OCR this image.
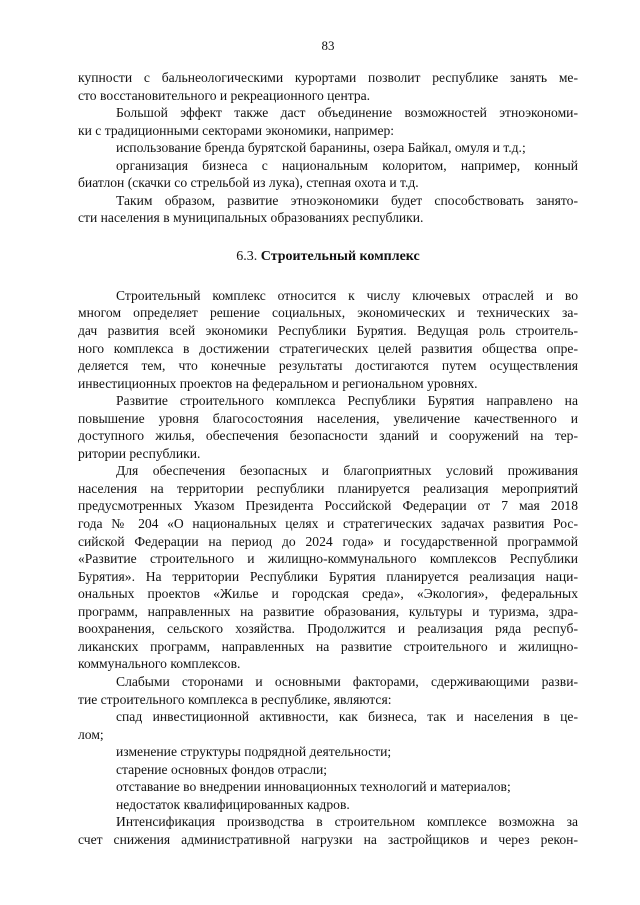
83

купности с бальнеологическими курортами позволит республике занять ме-
сто восстановительного и рекреационного центра.

Большой эффект также даст объединение возможностей этноэкономи-
ки с традиционными секторами экономики, например:

использование бренда бурятской баранины, озера Байкал, омуля и т.д.;

организация бизнеса с национальным колоритом, например, конный
биатлон (скачки со стрельбой из лука), степная охота и т.д.

Таким образом, развитие этноэкономики будет способствовать занято-
сти населения в муниципальных образованиях республики.

6.3. Строительный комплекс

Строительный комплекс относится к числу ключевых отраслей и во
многом определяет решение социальных, экономических и технических за-
дач развития всей экономики Республики Бурятия. Ведущая роль строитель-
ного комплекса в достижении стратегических целей развития общества опре-
деляется тем, что конечные результаты достигаются путем осуществления
инвестиционных проектов на федеральном и региональном уровнях.

Развитие строительного комплекса Республики Бурятия направлено на
повышение уровня благосостояния населения, увеличение качественного и
доступного жилья, обеспечения безопасности зданий и сооружений на тер-
ритории республики.

Для обеспечения безопасных и благоприятных условий проживания
населения на территории республики планируется реализация мероприятий
предусмотренных Указом Президента Российской Федерации от 7 мая 2018
года № 204 «О национальных целях и стратегических задачах развития Рос-
сийской Федерации на период до 2024 года» и государственной программой
«Развитие строительного и жилищно-коммунального комплексов Республики
Бурятия». На территории Республики Бурятия планируется реализация наци-
ональных проектов «Жилье и городская среда», «Экология», федеральных
программ, направленных на развитие образования, культуры и туризма, здра-
воохранения, сельского хозяйства. Продолжится и реализация ряда респуб-
ликанских программ, направленных на развитие строительного и жилищно-
коммунального комплексов.

Слабыми сторонами и основными факторами, сдерживающими разви-
тие строительного комплекса в республике, являются:

спад инвестиционной активности, как бизнеса, так и населения в це-
лом;

изменение структуры подрядной деятельности;

старение основных фондов отрасли;

отставание во внедрении инновационных технологий и материалов;

недостаток квалифицированных кадров.

Интенсификация производства в строительном комплексе возможна за
счет снижения административной нагрузки на застройщиков и через рекон-
